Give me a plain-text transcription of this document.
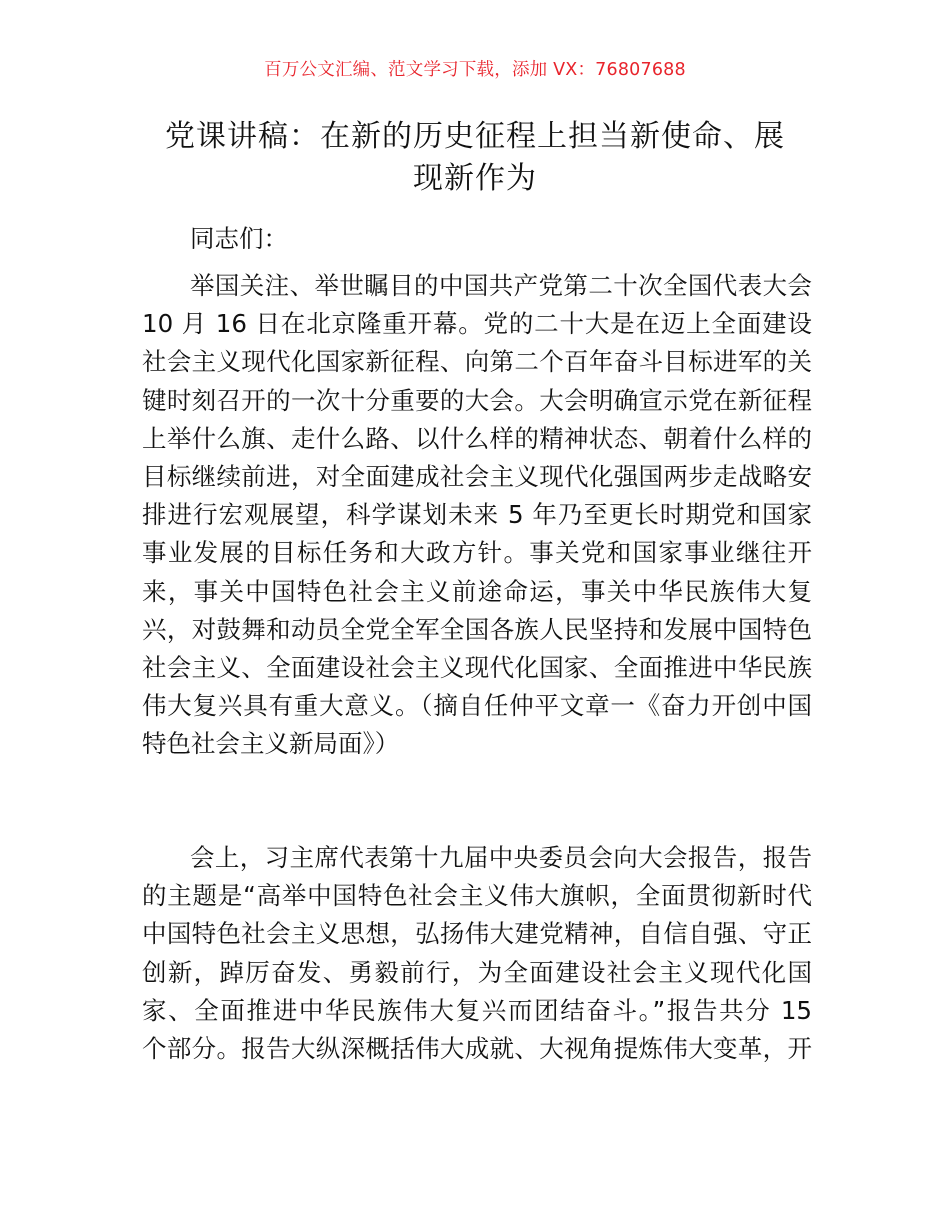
百万公文汇编、范文学习下载，添加 VX：76807688
党课讲稿：在新的历史征程上担当新使命、展
现新作为
同志们：
举国关注、举世瞩目的中国共产党第二十次全国代表大会
10 月 16 日在北京隆重开幕。党的二十大是在迈上全面建设
社会主义现代化国家新征程、向第二个百年奋斗目标进军的关
键时刻召开的一次十分重要的大会。大会明确宣示党在新征程
上举什么旗、走什么路、以什么样的精神状态、朝着什么样的
目标继续前进，对全面建成社会主义现代化强国两步走战略安
排进行宏观展望，科学谋划未来 5 年乃至更长时期党和国家
事业发展的目标任务和大政方针。事关党和国家事业继往开
来，事关中国特色社会主义前途命运，事关中华民族伟大复
兴，对鼓舞和动员全党全军全国各族人民坚持和发展中国特色
社会主义、全面建设社会主义现代化国家、全面推进中华民族
伟大复兴具有重大意义。（摘自任仲平文章一《奋力开创中国
特色社会主义新局面》）
会上，习主席代表第十九届中央委员会向大会报告，报告
的主题是“高举中国特色社会主义伟大旗帜，全面贯彻新时代
中国特色社会主义思想，弘扬伟大建党精神，自信自强、守正
创新，踔厉奋发、勇毅前行，为全面建设社会主义现代化国
家、全面推进中华民族伟大复兴而团结奋斗。”报告共分 15
个部分。报告大纵深概括伟大成就、大视角提炼伟大变革，开
